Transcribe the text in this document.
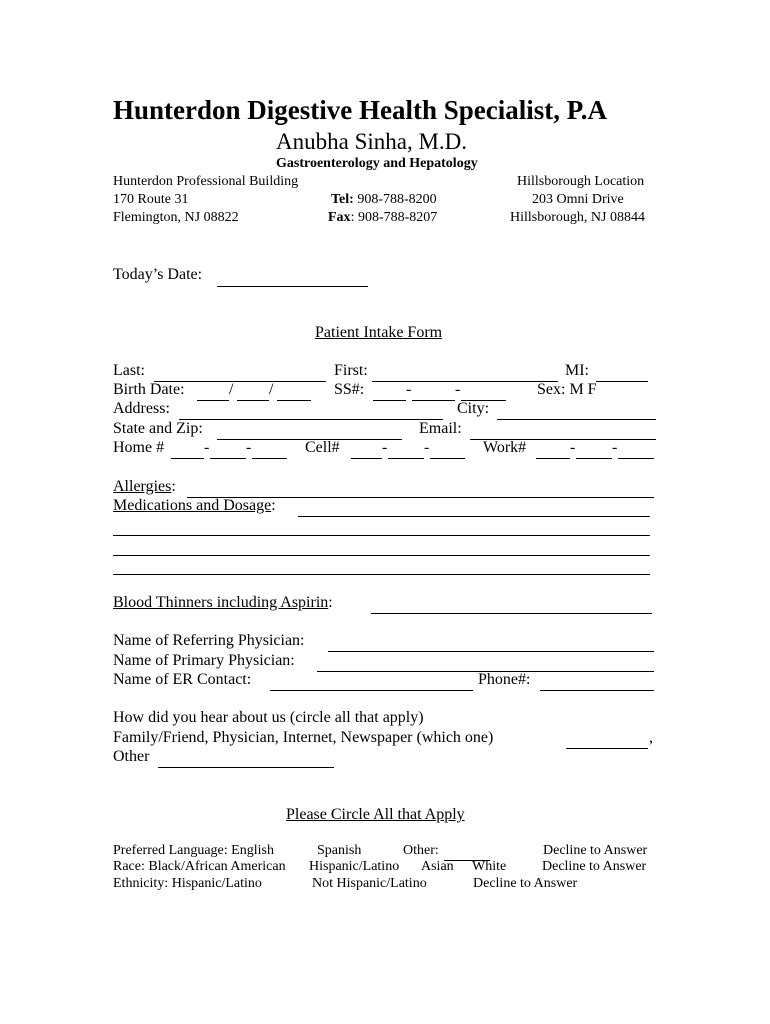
Hunterdon Digestive Health Specialist, P.A
Anubha Sinha, M.D.
Gastroenterology and Hepatology
Hunterdon Professional Building
170 Route 31
Flemington, NJ 08822
Tel: 908-788-8200
Fax: 908-788-8207
Hillsborough Location
203 Omni Drive
Hillsborough, NJ 08844
Today’s Date:
Patient Intake Form
Last:	First:	MI:
Birth Date:	/ /	SS#:	-	-	Sex: M F
Address:	City:
State and Zip:	Email:
Home # - -	Cell#	- -	Work#	- -
Allergies:
Medications and Dosage:
Blood Thinners including Aspirin:
Name of Referring Physician:
Name of Primary Physician:
Name of ER Contact:	Phone#:
How did you hear about us (circle all that apply)
Family/Friend, Physician, Internet, Newspaper (which one)	,
Other
Please Circle All that Apply
Preferred Language: English	Spanish	Other:	Decline to Answer
Race: Black/African American Hispanic/Latino Asian White	Decline to Answer
Ethnicity: Hispanic/Latino	Not Hispanic/Latino	Decline to Answer
